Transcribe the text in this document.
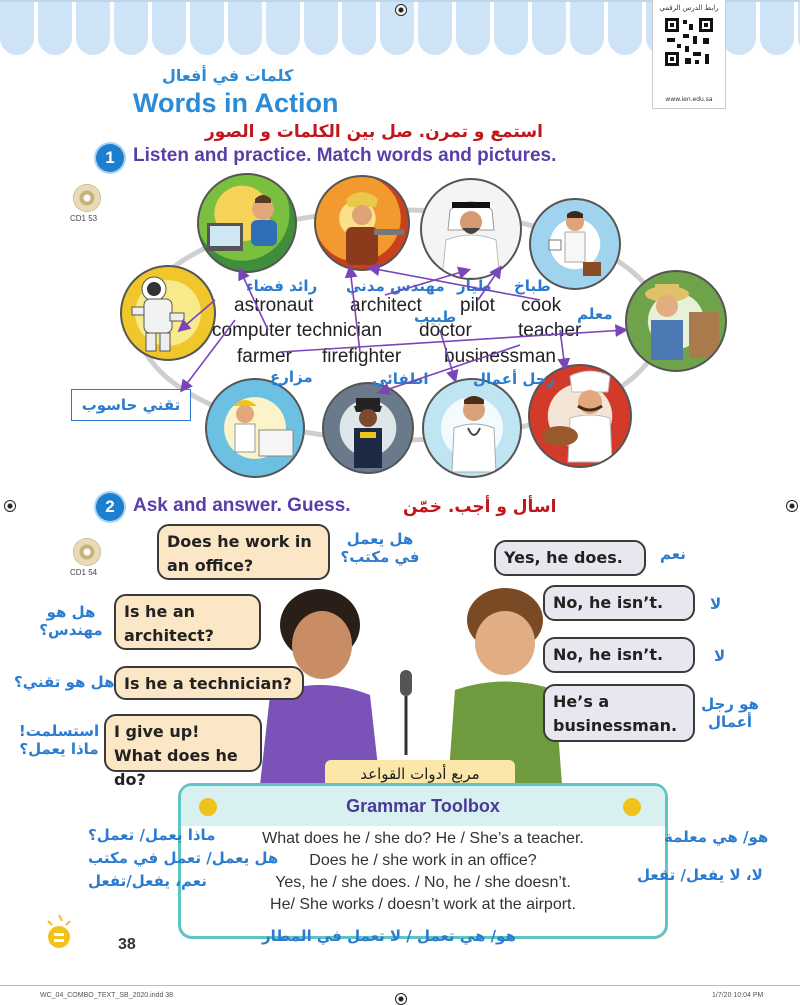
رابط الدرس الرقمي
www.ien.edu.sa
كلمات في أفعال
Words in Action
استمع و تمرن. صل بين الكلمات و الصور
1 Listen and practice. Match words and pictures.
CD1 53
astronaut architect pilot cook
computer technician doctor teacher
farmer firefighter businessman
رائد فضاء مهندس مدني طيار طباخ
طبيب	معلم
مزارع	اطفائي	رجل أعمال
تقني حاسوب
2 Ask and answer. Guess.	اسأل و أجب. خمّن
CD1 54
Does he work in an office?
Is he an architect?
Is he a technician?
I give up! What does he do?
Yes, he does.
No, he isn’t.
No, he isn’t.
He’s a businessman.
هل يعمل في مكتب؟
هل هو مهندس؟
هل هو تقني؟
استسلمت! ماذا يعمل؟
نعم
لا
لا
هو رجل أعمال
مربع أدوات القواعد
Grammar Toolbox
What does he / she do? He / She’s a teacher.
Does he / she work in an office?
Yes, he / she does. / No, he / she doesn’t.
He/ She works / doesn’t work at the airport.
ماذا يعمل/ تعمل؟
هل يعمل/ تعمل في مكتب
نعم، يفعل/تفعل
هو/ هي معلمة
لا، لا يفعل/ تفعل
هو/ هي تعمل / لا تعمل في المطار
38
WC_04_COMBO_TEXT_SB_2020.indd 38	1/7/20 10:04 PM
